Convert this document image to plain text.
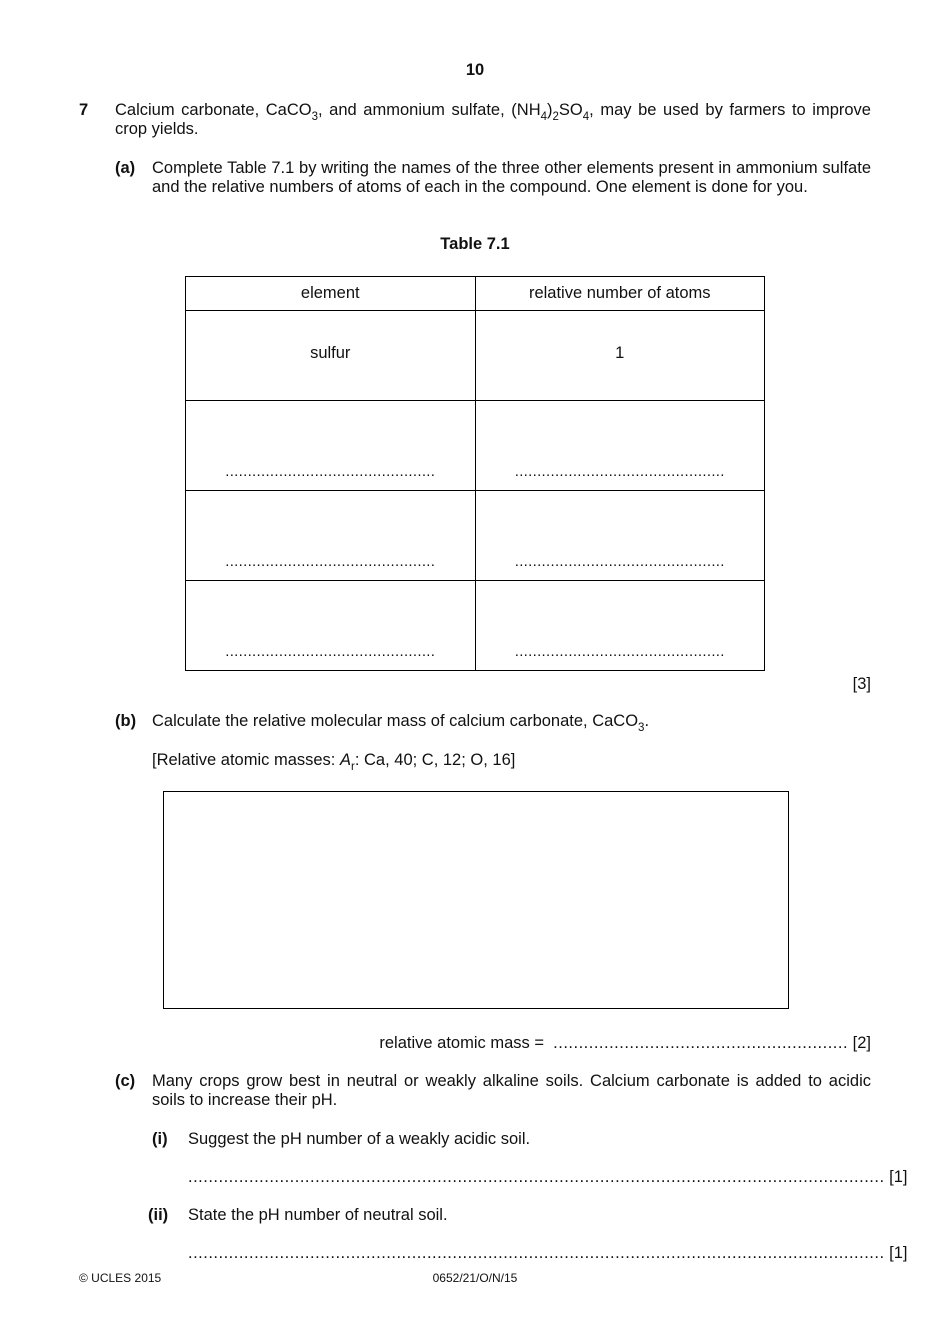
10
7 Calcium carbonate, CaCO$_3$, and ammonium sulfate, $(NH_4)_2SO_4$, may be used by farmers to improve crop yields.
(a) Complete Table 7.1 by writing the names of the three other elements present in ammonium sulfate and the relative numbers of atoms of each in the compound. One element is done for you.
Table 7.1
element	relative number of atoms
sulfur	1

...............................................	...............................................

...............................................	...............................................

...............................................	...............................................
[3]
(b) Calculate the relative molecular mass of calcium carbonate, CaCO$_3$.
[Relative atomic masses: $A_r$: Ca, 40; C, 12; O, 16]
relative atomic mass = .......................................................... [2]
(c) Many crops grow best in neutral or weakly alkaline soils. Calcium carbonate is added to acidic soils to increase their pH.
(i) Suggest the pH number of a weakly acidic soil.
......................................................................................................................................... [1]
(ii) State the pH number of neutral soil.
......................................................................................................................................... [1]
© UCLES 2015	0652/21/O/N/15
